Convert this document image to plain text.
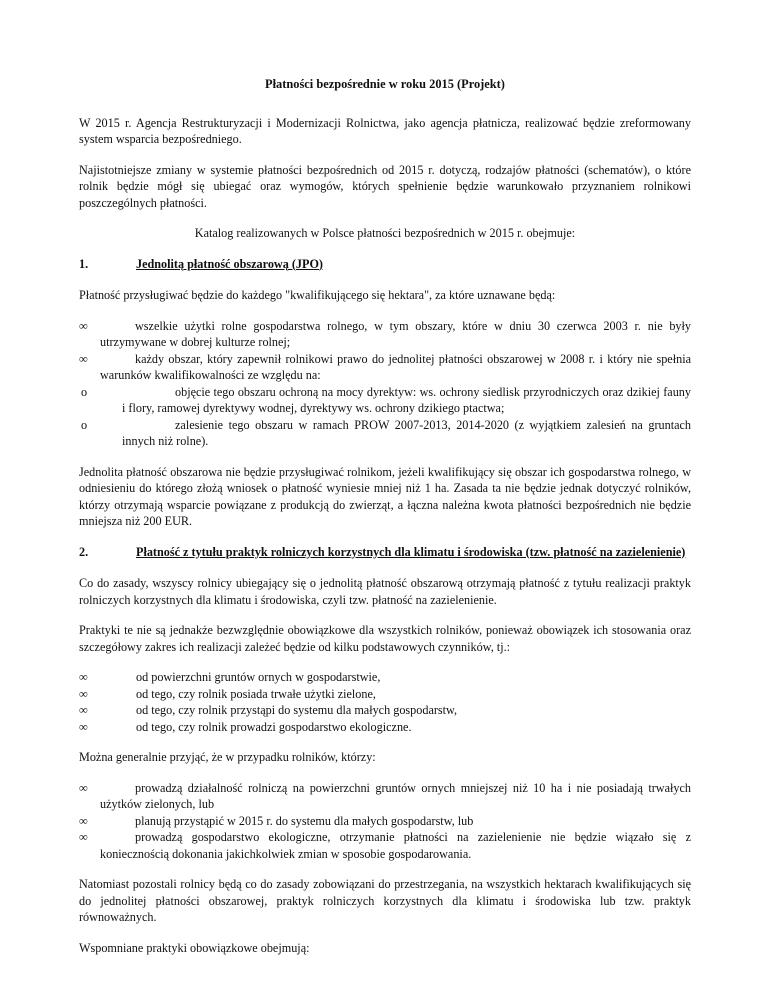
Płatności bezpośrednie w roku 2015 (Projekt)

W 2015 r. Agencja Restrukturyzacji i Modernizacji Rolnictwa, jako agencja płatnicza, realizować będzie zreformowany system wsparcia bezpośredniego.

Najistotniejsze zmiany w systemie płatności bezpośrednich od 2015 r. dotyczą, rodzajów płatności (schematów), o które rolnik będzie mógł się ubiegać oraz wymogów, których spełnienie będzie warunkowało przyznaniem rolnikowi poszczególnych płatności.

Katalog realizowanych w Polsce płatności bezpośrednich w 2015 r. obejmuje:

1.	Jednolitą płatność obszarową (JPO)

Płatność przysługiwać będzie do każdego "kwalifikującego się hektara", za które uznawane będą:

∞	wszelkie użytki rolne gospodarstwa rolnego, w tym obszary, które w dniu 30 czerwca 2003 r. nie były utrzymywane w dobrej kulturze rolnej;
∞	każdy obszar, który zapewnił rolnikowi prawo do jednolitej płatności obszarowej w 2008 r. i który nie spełnia warunków kwalifikowalności ze względu na:
o	objęcie tego obszaru ochroną na mocy dyrektyw: ws. ochrony siedlisk przyrodniczych oraz dzikiej fauny i flory, ramowej dyrektywy wodnej, dyrektywy ws. ochrony dzikiego ptactwa;
o	zalesienie tego obszaru w ramach PROW 2007-2013, 2014-2020 (z wyjątkiem zalesień na gruntach innych niż rolne).

Jednolita płatność obszarowa nie będzie przysługiwać rolnikom, jeżeli kwalifikujący się obszar ich gospodarstwa rolnego, w odniesieniu do którego złożą wniosek o płatność wyniesie mniej niż 1 ha. Zasada ta nie będzie jednak dotyczyć rolników, którzy otrzymają wsparcie powiązane z produkcją do zwierząt, a łączna należna kwota płatności bezpośrednich nie będzie mniejsza niż 200 EUR.

2.	Płatność z tytułu praktyk rolniczych korzystnych dla klimatu i środowiska (tzw. płatność na zazielenienie)

Co do zasady, wszyscy rolnicy ubiegający się o jednolitą płatność obszarową otrzymają płatność z tytułu realizacji praktyk rolniczych korzystnych dla klimatu i środowiska, czyli tzw. płatność na zazielenienie.

Praktyki te nie są jednakże bezwzględnie obowiązkowe dla wszystkich rolników, ponieważ obowiązek ich stosowania oraz szczegółowy zakres ich realizacji zależeć będzie od kilku podstawowych czynników, tj.:

∞	od powierzchni gruntów ornych w gospodarstwie,
∞	od tego, czy rolnik posiada trwałe użytki zielone,
∞	od tego, czy rolnik przystąpi do systemu dla małych gospodarstw,
∞	od tego, czy rolnik prowadzi gospodarstwo ekologiczne.

Można generalnie przyjąć, że w przypadku rolników, którzy:

∞	prowadzą działalność rolniczą na powierzchni gruntów ornych mniejszej niż 10 ha i nie posiadają trwałych użytków zielonych, lub
∞	planują przystąpić w 2015 r. do systemu dla małych gospodarstw, lub
∞	prowadzą gospodarstwo ekologiczne, otrzymanie płatności na zazielenienie nie będzie wiązało się z koniecznością dokonania jakichkolwiek zmian w sposobie gospodarowania.

Natomiast pozostali rolnicy będą co do zasady zobowiązani do przestrzegania, na wszystkich hektarach kwalifikujących się do jednolitej płatności obszarowej, praktyk rolniczych korzystnych dla klimatu i środowiska lub tzw. praktyk równoważnych.

Wspomniane praktyki obowiązkowe obejmują:
